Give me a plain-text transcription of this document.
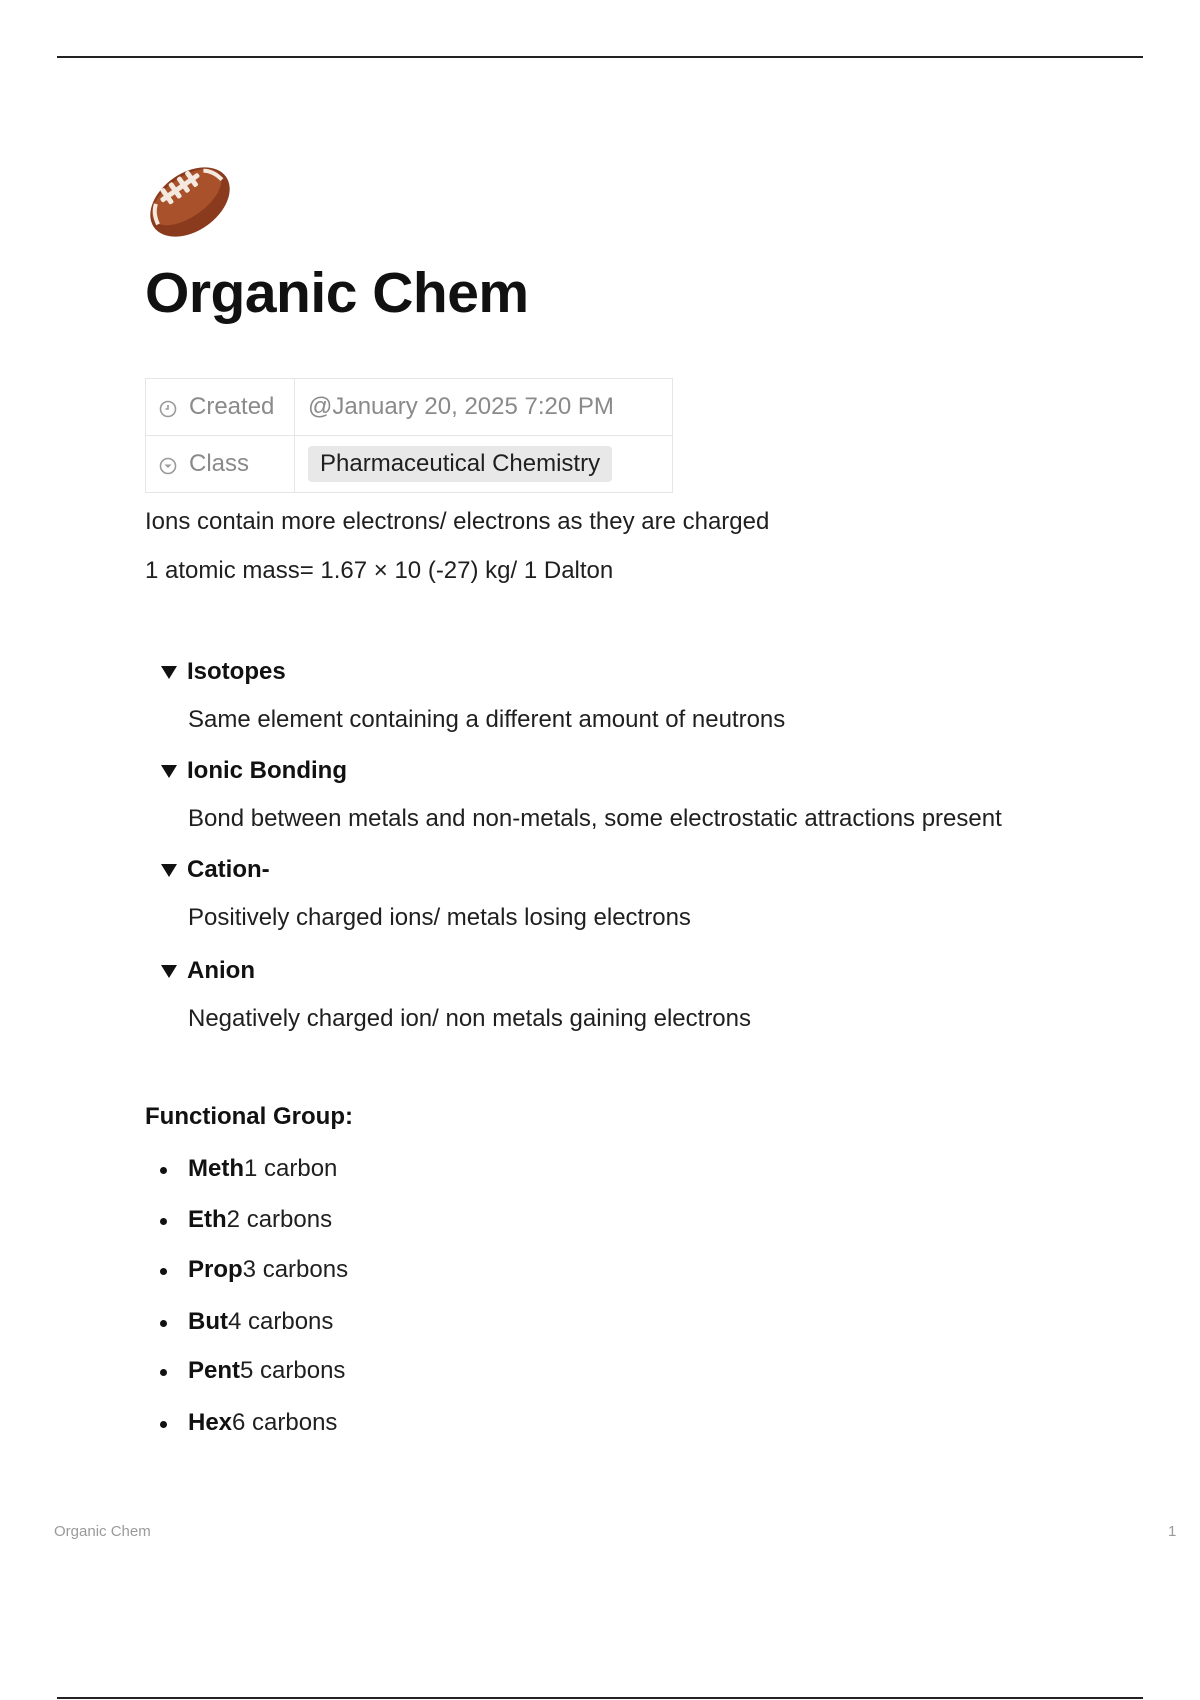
Organic Chem
Created	@January 20, 2025 7:20 PM

Class	Pharmaceutical Chemistry
Ions contain more electrons/ electrons as they are charged
1 atomic mass= 1.67 × 10 (-27) kg/ 1 Dalton
Isotopes
Same element containing a different amount of neutrons
Ionic Bonding
Bond between metals and non-metals, some electrostatic attractions present
Cation-
Positively charged ions/ metals losing electrons
Anion
Negatively charged ion/ non metals gaining electrons
Functional Group:
Meth1 carbon
Eth2 carbons
Prop3 carbons
But4 carbons
Pent5 carbons
Hex6 carbons
Organic Chem	1
